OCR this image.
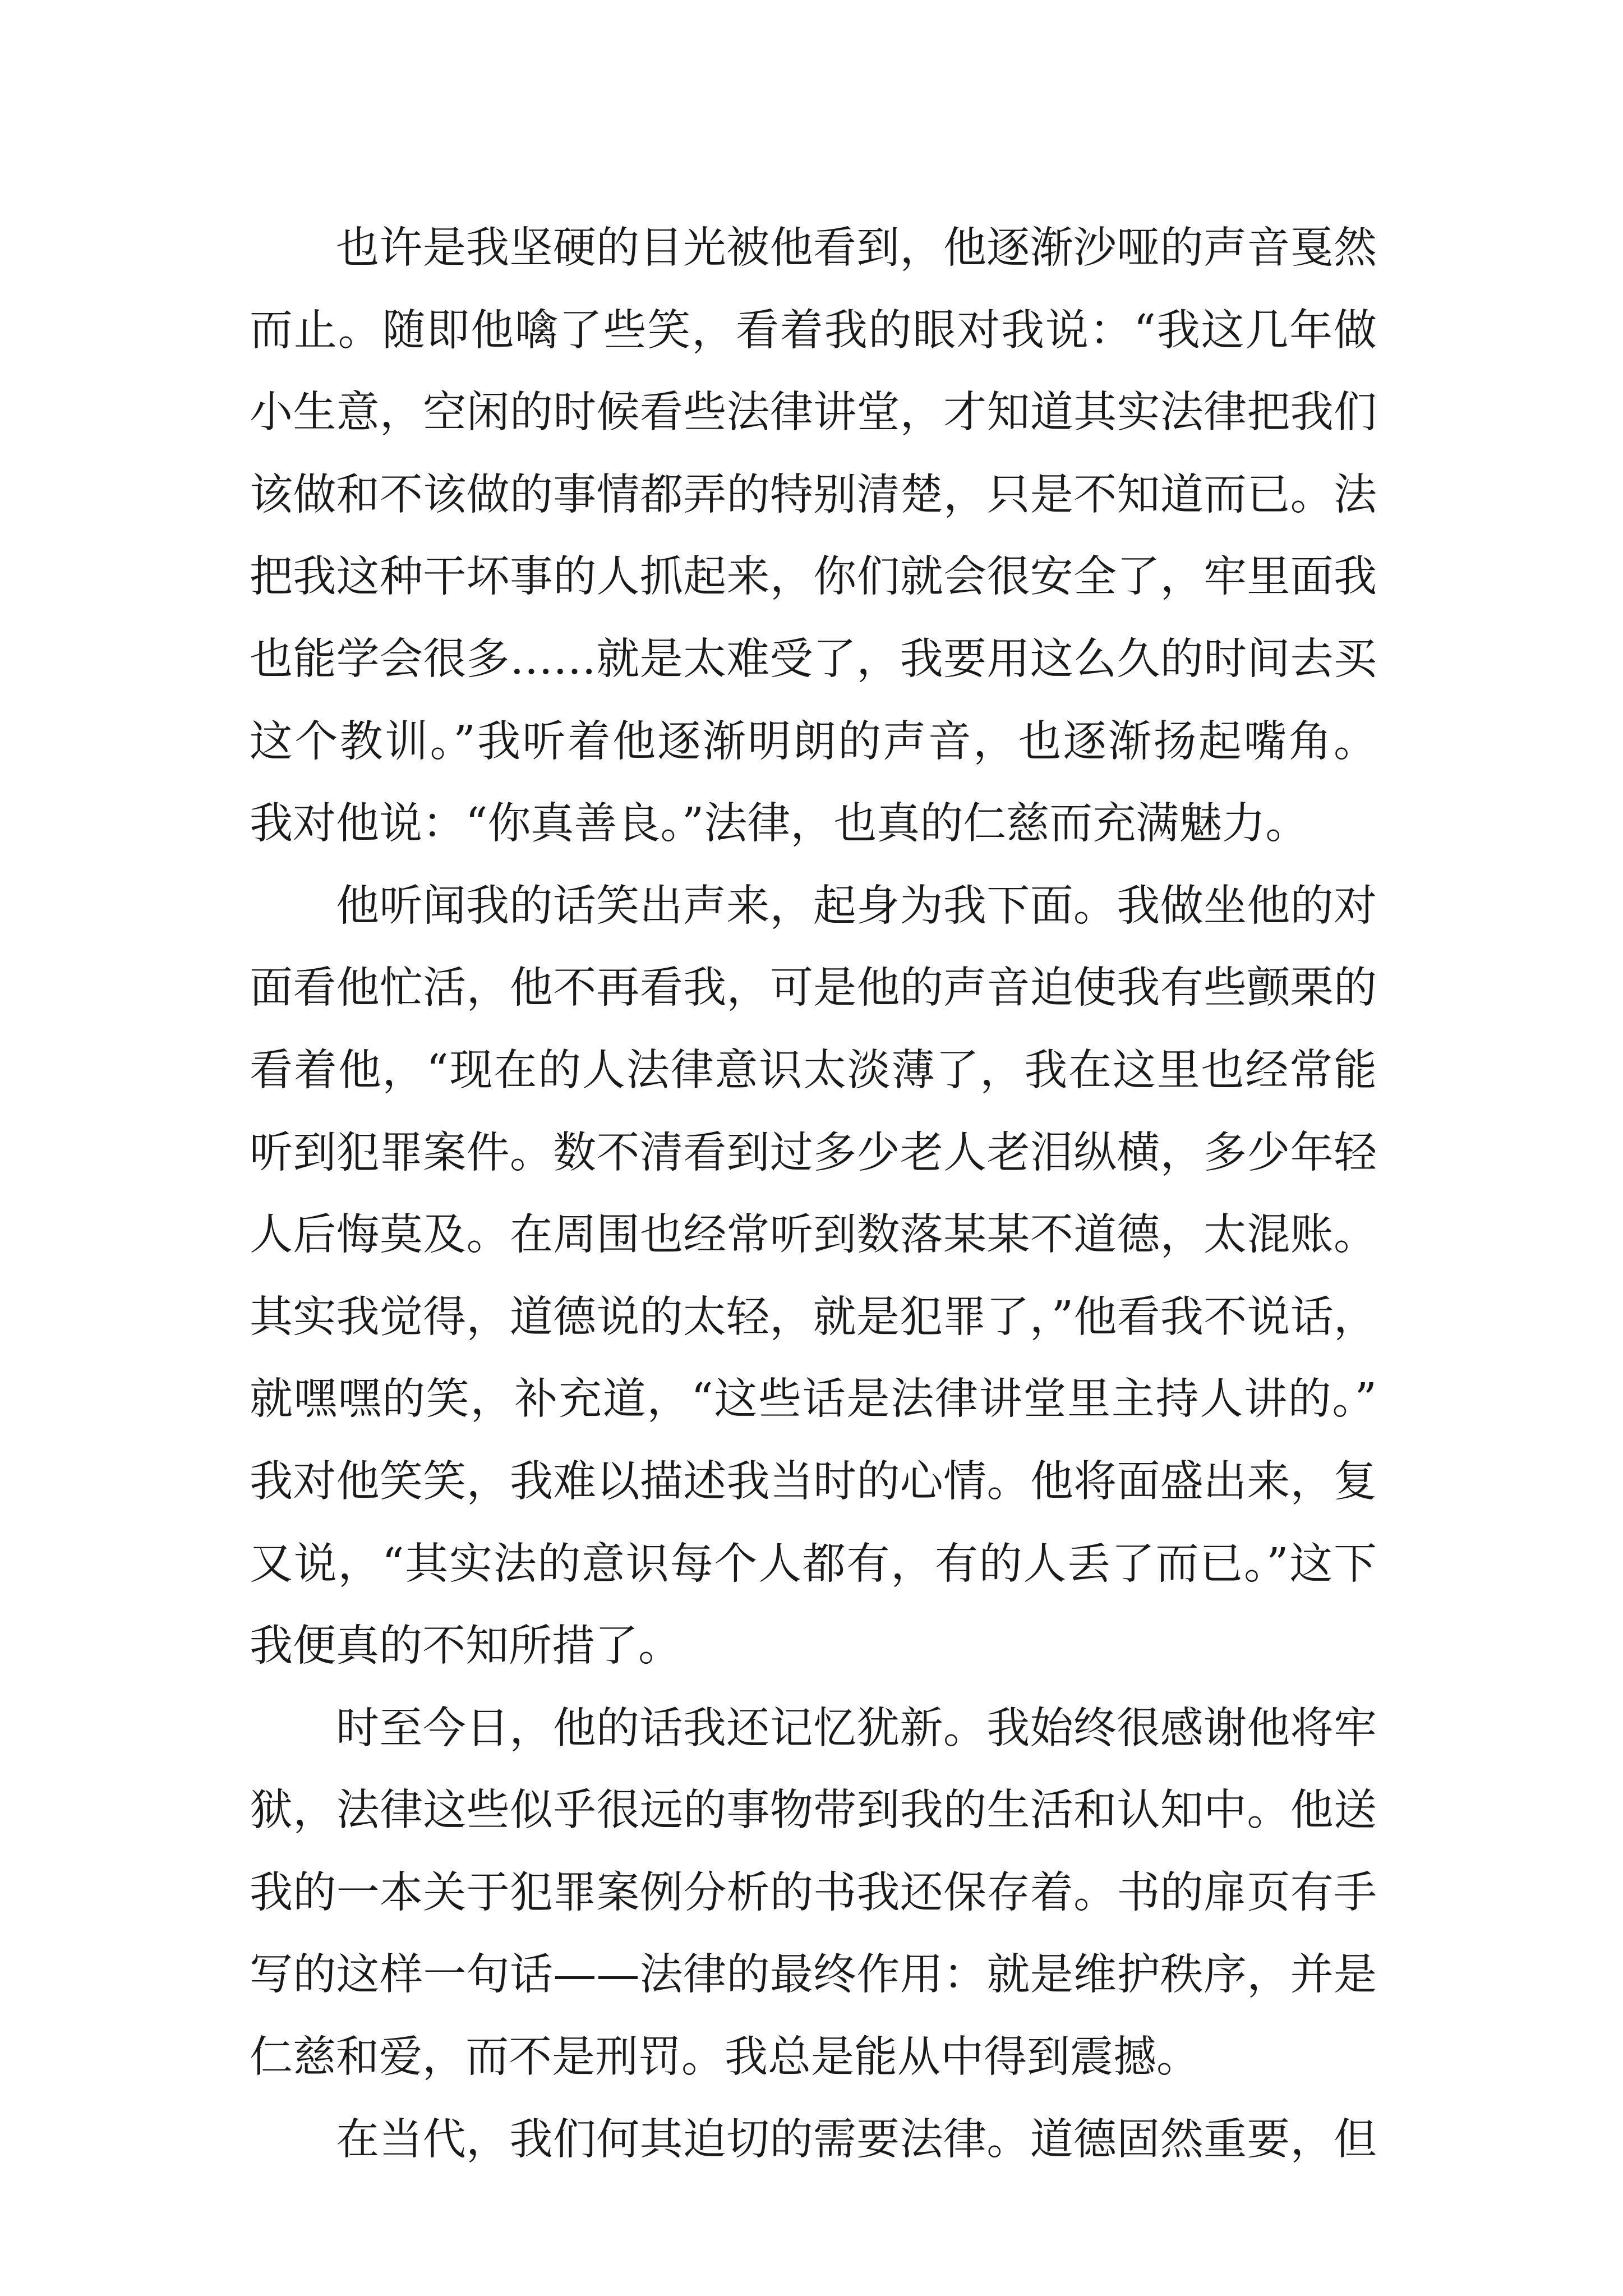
也许是我坚硬的目光被他看到，他逐渐沙哑的声音戛然
而止。随即他噙了些笑，看着我的眼对我说：“我这几年做
小生意，空闲的时候看些法律讲堂，才知道其实法律把我们
该做和不该做的事情都弄的特别清楚，只是不知道而已。法
把我这种干坏事的人抓起来，你们就会很安全了，牢里面我
也能学会很多……就是太难受了，我要用这么久的时间去买
这个教训。”我听着他逐渐明朗的声音，也逐渐扬起嘴角。
我对他说：“你真善良。”法律，也真的仁慈而充满魅力。
他听闻我的话笑出声来，起身为我下面。我做坐他的对
面看他忙活，他不再看我，可是他的声音迫使我有些颤栗的
看着他，“现在的人法律意识太淡薄了，我在这里也经常能
听到犯罪案件。数不清看到过多少老人老泪纵横，多少年轻
人后悔莫及。在周围也经常听到数落某某不道德，太混账。
其实我觉得，道德说的太轻，就是犯罪了，”他看我不说话，
就嘿嘿的笑，补充道，“这些话是法律讲堂里主持人讲的。”
我对他笑笑，我难以描述我当时的心情。他将面盛出来，复
又说，“其实法的意识每个人都有，有的人丢了而已。”这下
我便真的不知所措了。
时至今日，他的话我还记忆犹新。我始终很感谢他将牢
狱，法律这些似乎很远的事物带到我的生活和认知中。他送
我的一本关于犯罪案例分析的书我还保存着。书的扉页有手
写的这样一句话——法律的最终作用：就是维护秩序，并是
仁慈和爱，而不是刑罚。我总是能从中得到震撼。
在当代，我们何其迫切的需要法律。道德固然重要，但
